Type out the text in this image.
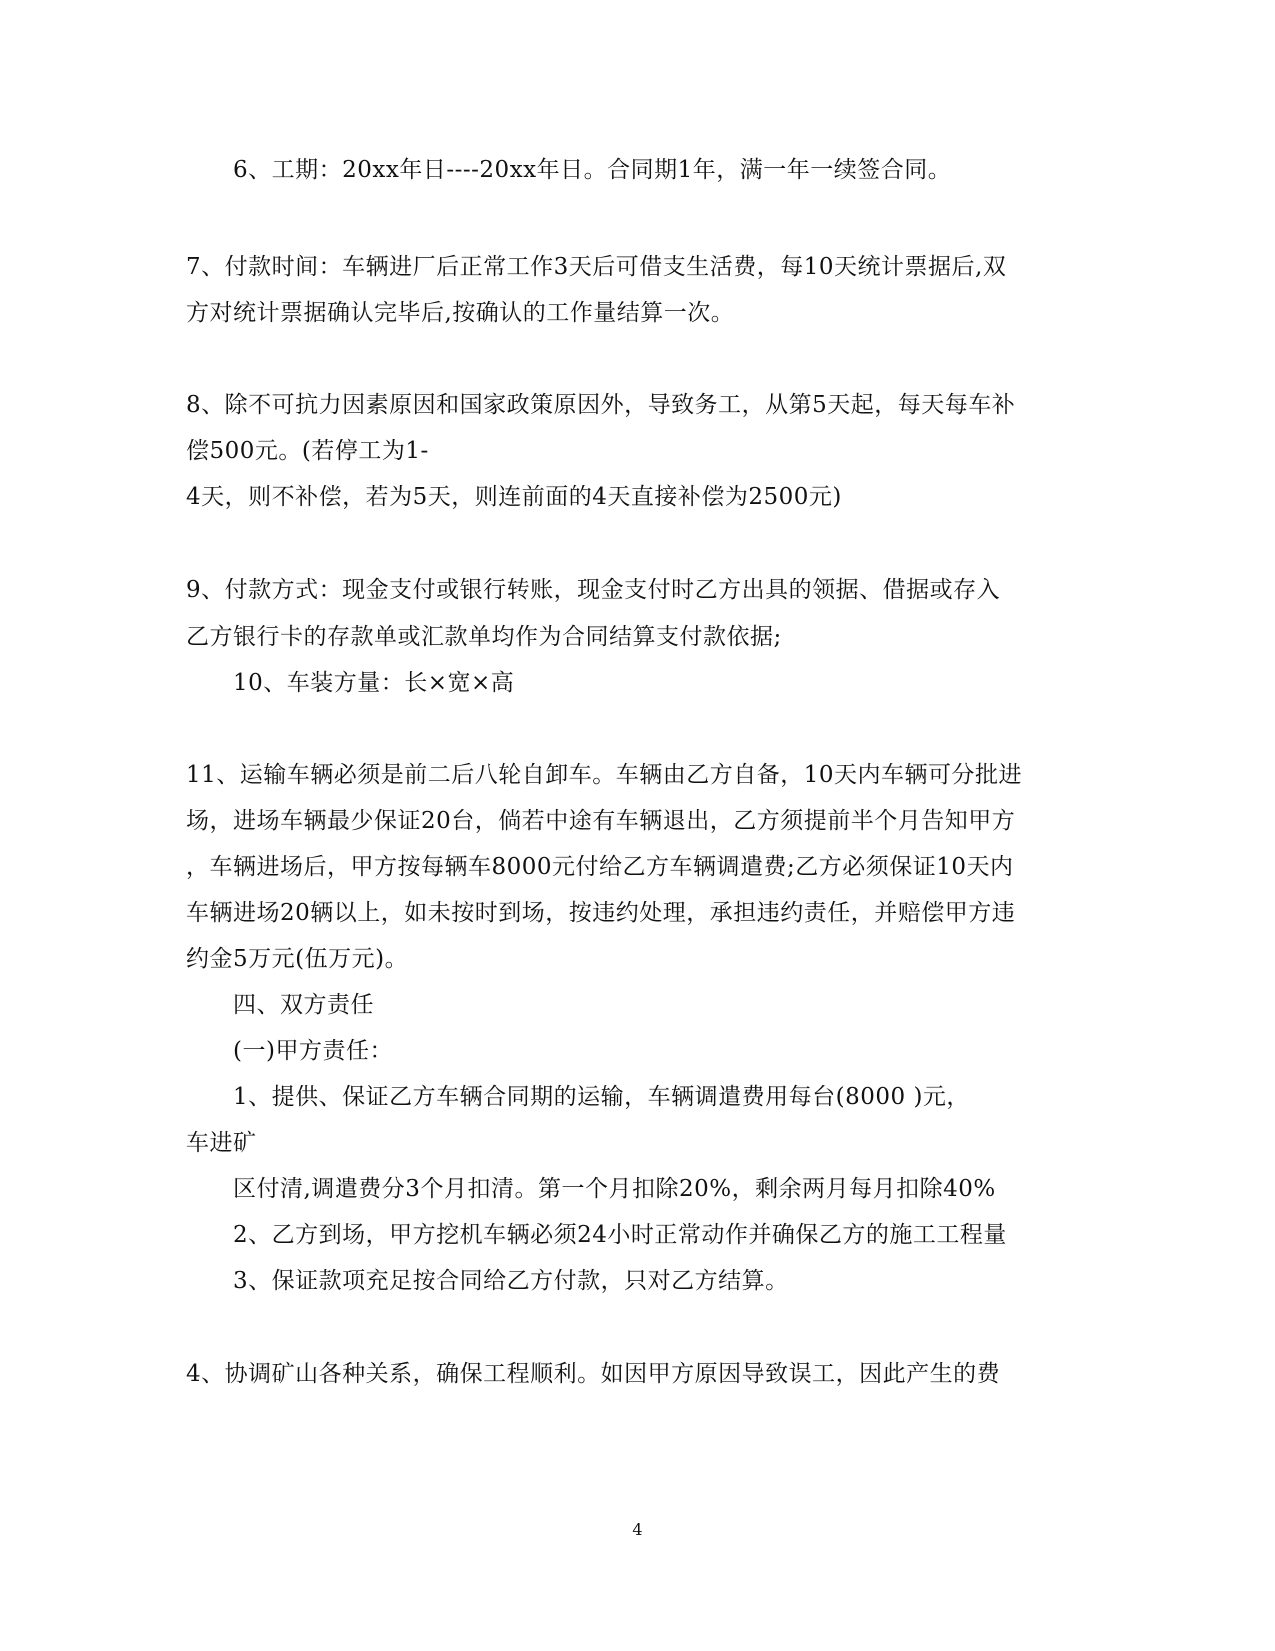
6、工期：20xx年日----20xx年日。合同期1年，满一年一续签合同。
7、付款时间：车辆进厂后正常工作3天后可借支生活费，每10天统计票据后,双
方对统计票据确认完毕后,按确认的工作量结算一次。
8、除不可抗力因素原因和国家政策原因外，导致务工，从第5天起，每天每车补
偿500元。(若停工为1-
4天，则不补偿，若为5天，则连前面的4天直接补偿为2500元)
9、付款方式：现金支付或银行转账，现金支付时乙方出具的领据、借据或存入
乙方银行卡的存款单或汇款单均作为合同结算支付款依据;
10、车装方量：长×宽×高
11、运输车辆必须是前二后八轮自卸车。车辆由乙方自备，10天内车辆可分批进
场，进场车辆最少保证20台，倘若中途有车辆退出，乙方须提前半个月告知甲方
，车辆进场后，甲方按每辆车8000元付给乙方车辆调遣费;乙方必须保证10天内
车辆进场20辆以上，如未按时到场，按违约处理，承担违约责任，并赔偿甲方违
约金5万元(伍万元)。
四、双方责任
(一)甲方责任：
1、提供、保证乙方车辆合同期的运输，车辆调遣费用每台(8000 )元，
车进矿
区付清,调遣费分3个月扣清。第一个月扣除20%，剩余两月每月扣除40%
2、乙方到场，甲方挖机车辆必须24小时正常动作并确保乙方的施工工程量
3、保证款项充足按合同给乙方付款，只对乙方结算。
4、协调矿山各种关系，确保工程顺利。如因甲方原因导致误工，因此产生的费
4
